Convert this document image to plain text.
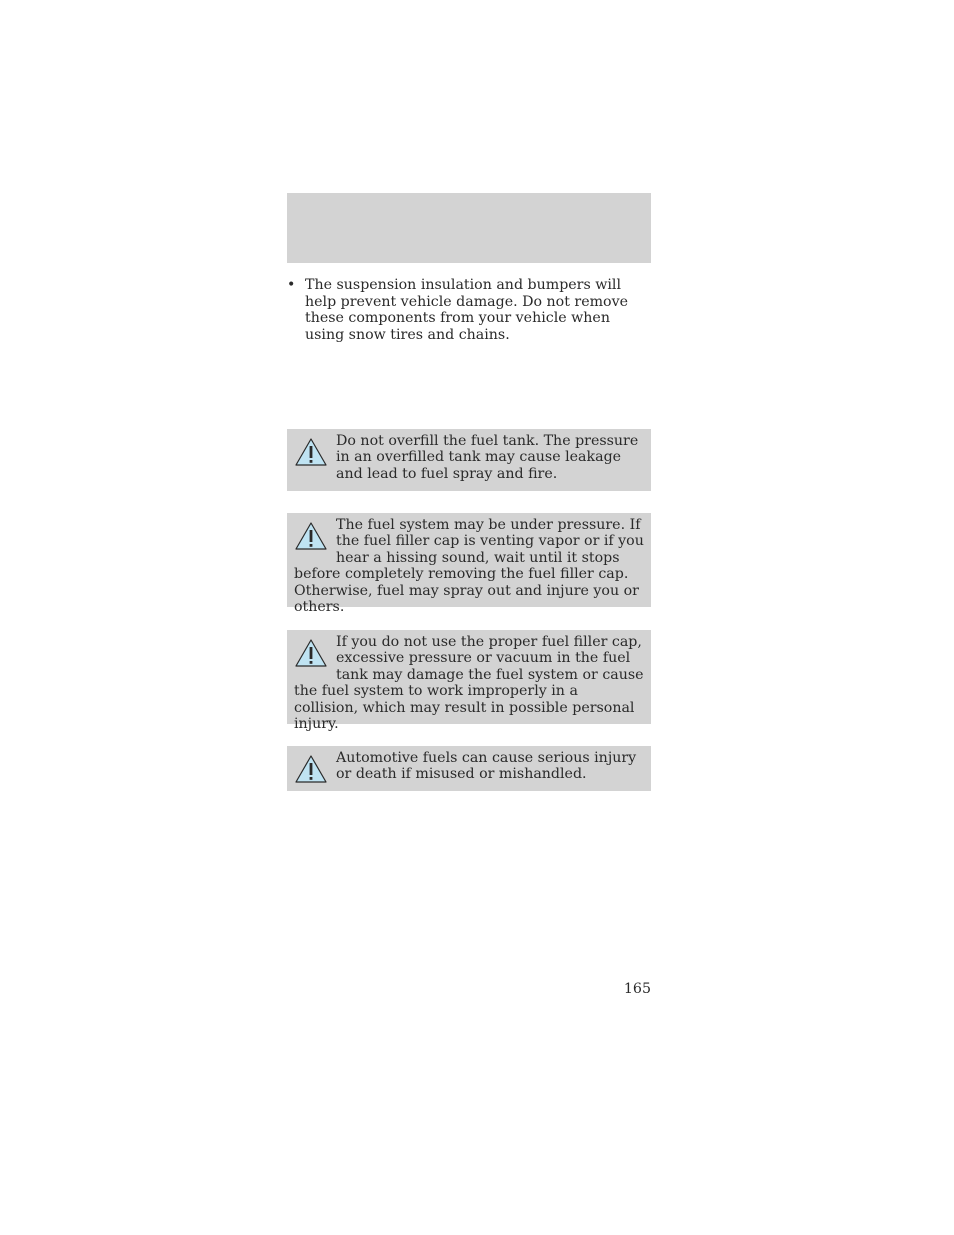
• The suspension insulation and bumpers will help prevent vehicle damage. Do not remove these components from your vehicle when using snow tires and chains.
Do not overfill the fuel tank. The pressure in an overfilled tank may cause leakage and lead to fuel spray and fire.
The fuel system may be under pressure. If the fuel filler cap is venting vapor or if you hear a hissing sound, wait until it stops before completely removing the fuel filler cap. Otherwise, fuel may spray out and injure you or others.
If you do not use the proper fuel filler cap, excessive pressure or vacuum in the fuel tank may damage the fuel system or cause the fuel system to work improperly in a collision, which may result in possible personal injury.
Automotive fuels can cause serious injury or death if misused or mishandled.
165
